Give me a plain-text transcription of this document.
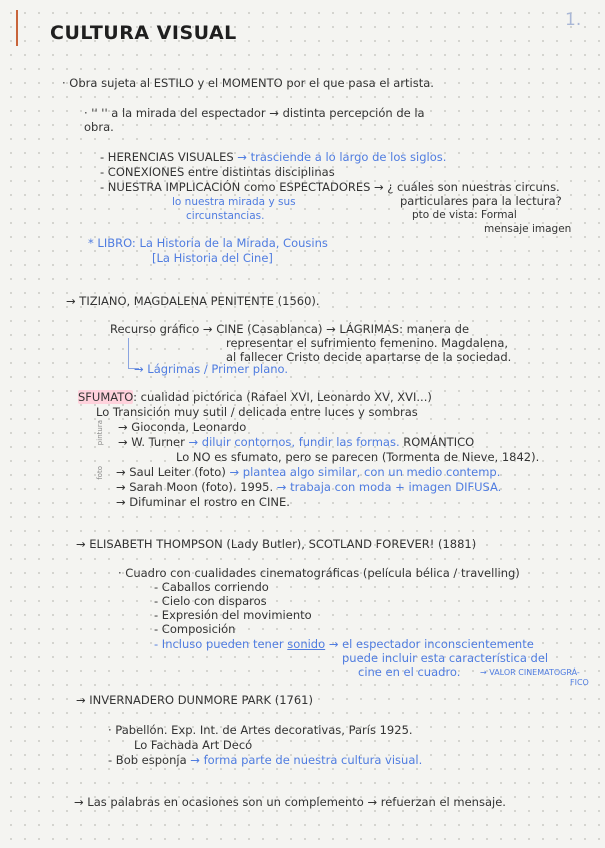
1.
CULTURA VISUAL
· Obra sujeta al ESTILO y el MOMENTO por el que pasa el artista.
· '' '' a la mirada del espectador → distinta percepción de la
obra.
- HERENCIAS VISUALES → trasciende a lo largo de los siglos.
- CONEXIONES entre distintas disciplinas
- NUESTRA IMPLICACIÓN como ESPECTADORES → ¿ cuáles son nuestras circuns.
particulares para la lectura?
pto de vista: Formal
mensaje imagen
lo nuestra mirada y sus
circunstancias.
* LIBRO: La Historia de la Mirada, Cousins
[La Historia del Cine]
→ TIZIANO, MAGDALENA PENITENTE (1560).
Recurso gráfico → CINE (Casablanca) → LÁGRIMAS: manera de
representar el sufrimiento femenino. Magdalena,
al fallecer Cristo decide apartarse de la sociedad.
→ Lágrimas / Primer plano.
SFUMATO: cualidad pictórica (Rafael XVI, Leonardo XV, XVI...)
Lo Transición muy sutil / delicada entre luces y sombras
pintura
foto
→ Gioconda, Leonardo
→ W. Turner → diluir contornos, fundir las formas. ROMÁNTICO
Lo NO es sfumato, pero se parecen (Tormenta de Nieve, 1842).
→ Saul Leiter (foto) → plantea algo similar, con un medio contemp.
→ Sarah Moon (foto). 1995. → trabaja con moda + imagen DIFUSA.
→ Difuminar el rostro en CINE.
→ ELISABETH THOMPSON (Lady Butler), SCOTLAND FOREVER! (1881)
· Cuadro con cualidades cinematográficas (película bélica / travelling)
- Caballos corriendo
- Cielo con disparos
- Expresión del movimiento
- Composición
- Incluso pueden tener sonido → el espectador inconscientemente
puede incluir esta característica del
cine en el cuadro. → VALOR CINEMATOGRÁ-
FICO
→ INVERNADERO DUNMORE PARK (1761)
· Pabellón. Exp. Int. de Artes decorativas, París 1925.
Lo Fachada Art Decó
- Bob esponja → forma parte de nuestra cultura visual.
→ Las palabras en ocasiones son un complemento → refuerzan el mensaje.
